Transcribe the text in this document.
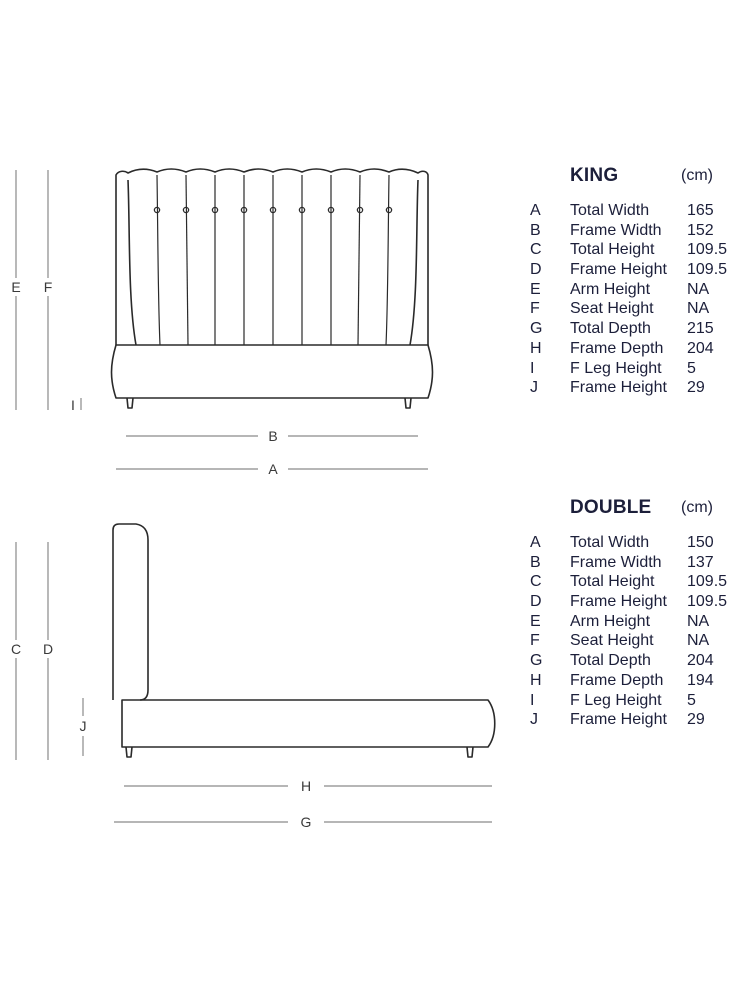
E F
I
B
A
C D
J
H
G
KING	(cm)
A Total Width 165
B Frame Width 152
C Total Height 109.5
D Frame Height 109.5
E Arm Height NA
F Seat Height NA
G Total Depth 215
H Frame Depth 204
I F Leg Height 5
J Frame Height 29
DOUBLE (cm)
A Total Width 150
B Frame Width 137
C Total Height 109.5
D Frame Height 109.5
E Arm Height NA
F Seat Height NA
G Total Depth 204
H Frame Depth 194
I F Leg Height 5
J Frame Height 29
